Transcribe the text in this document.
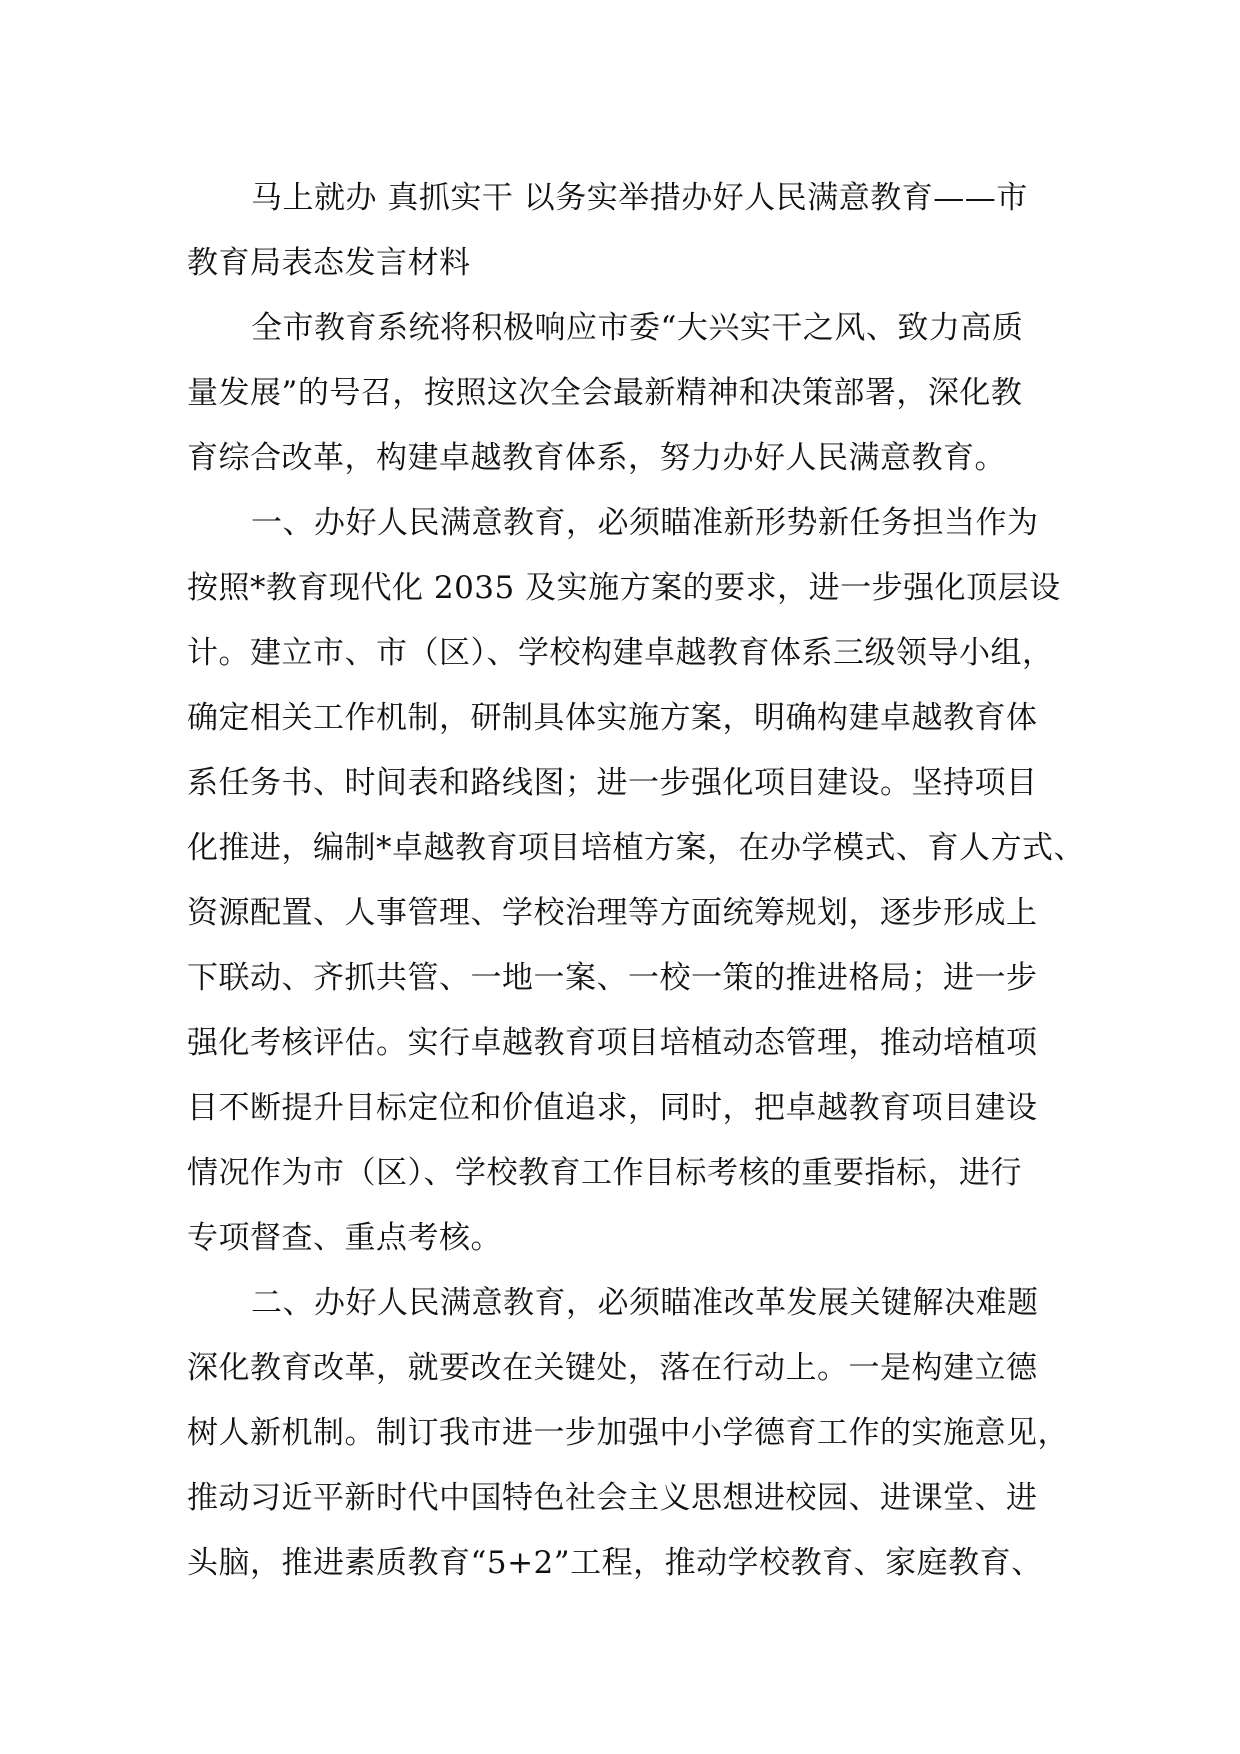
马上就办 真抓实干 以务实举措办好人民满意教育——市
教育局表态发言材料
全市教育系统将积极响应市委“大兴实干之风、致力高质
量发展”的号召，按照这次全会最新精神和决策部署，深化教
育综合改革，构建卓越教育体系，努力办好人民满意教育。
一、办好人民满意教育，必须瞄准新形势新任务担当作为
按照*教育现代化 2035 及实施方案的要求，进一步强化顶层设
计。建立市、市（区）、学校构建卓越教育体系三级领导小组，
确定相关工作机制，研制具体实施方案，明确构建卓越教育体
系任务书、时间表和路线图；进一步强化项目建设。坚持项目
化推进，编制*卓越教育项目培植方案，在办学模式、育人方式、
资源配置、人事管理、学校治理等方面统筹规划，逐步形成上
下联动、齐抓共管、一地一案、一校一策的推进格局；进一步
强化考核评估。实行卓越教育项目培植动态管理，推动培植项
目不断提升目标定位和价值追求，同时，把卓越教育项目建设
情况作为市（区）、学校教育工作目标考核的重要指标，进行
专项督查、重点考核。
二、办好人民满意教育，必须瞄准改革发展关键解决难题
深化教育改革，就要改在关键处，落在行动上。一是构建立德
树人新机制。制订我市进一步加强中小学德育工作的实施意见，
推动习近平新时代中国特色社会主义思想进校园、进课堂、进
头脑，推进素质教育“5+2”工程，推动学校教育、家庭教育、
